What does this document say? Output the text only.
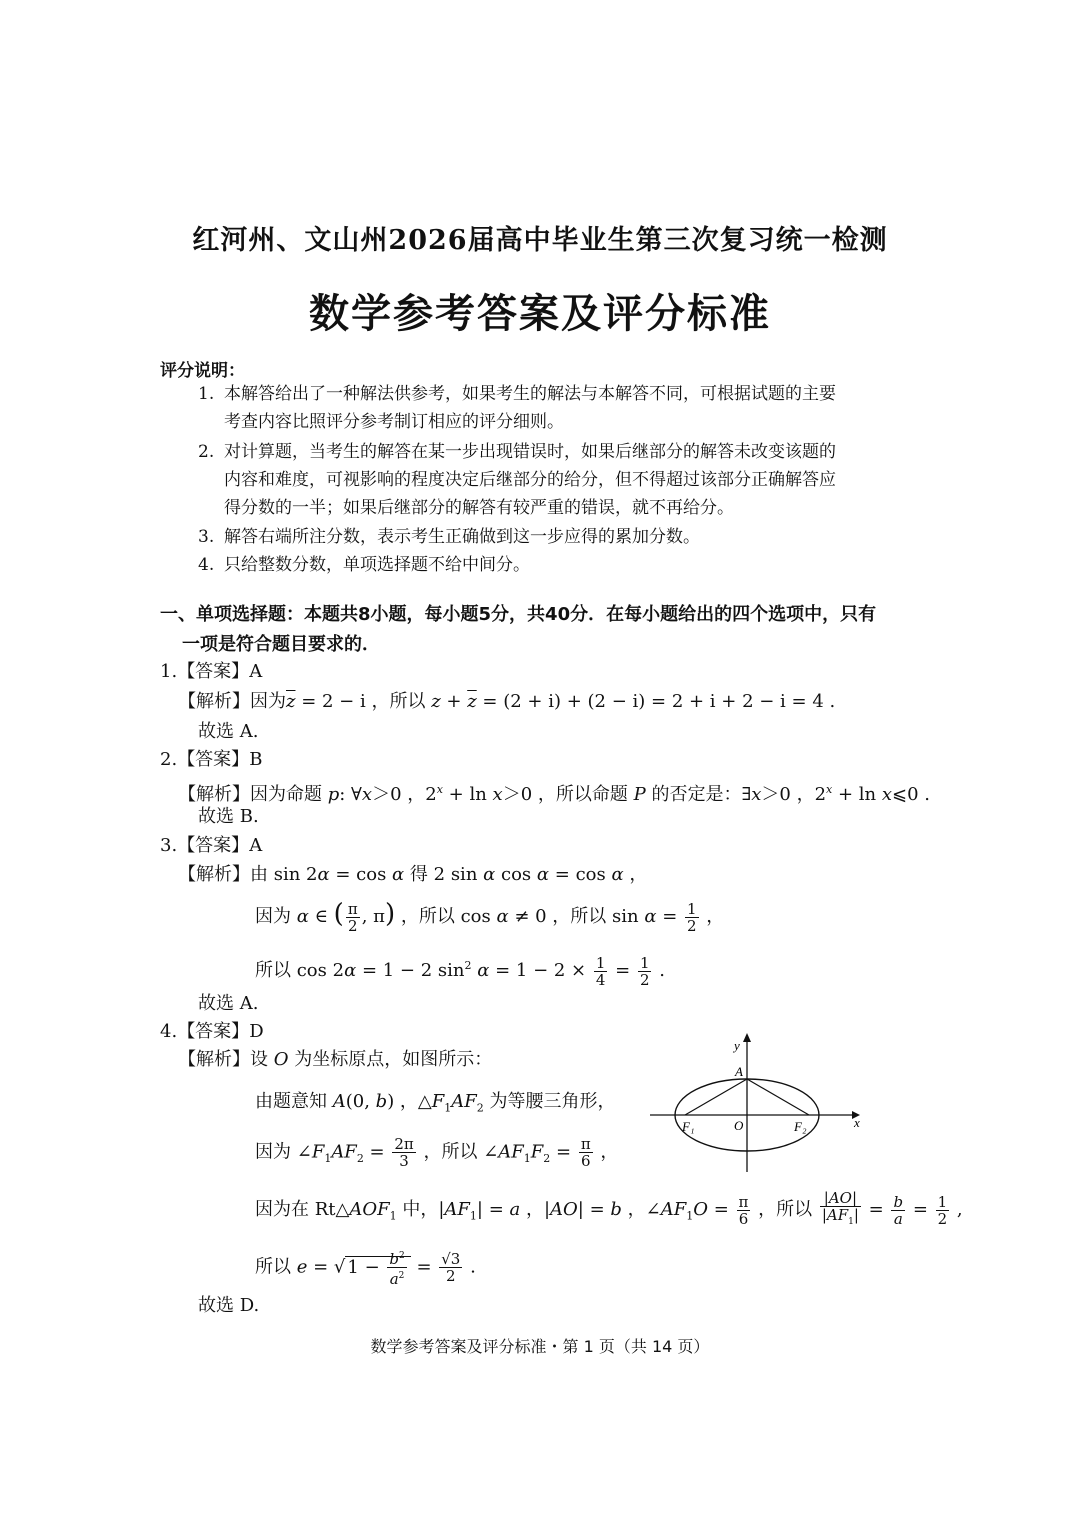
红河州、文山州2026届高中毕业生第三次复习统一检测
数学参考答案及评分标准
评分说明：
1. 本解答给出了一种解法供参考，如果考生的解法与本解答不同，可根据试题的主要
考查内容比照评分参考制订相应的评分细则。
2. 对计算题，当考生的解答在某一步出现错误时，如果后继部分的解答未改变该题的
内容和难度，可视影响的程度决定后继部分的给分，但不得超过该部分正确解答应
得分数的一半；如果后继部分的解答有较严重的错误，就不再给分。
3. 解答右端所注分数，表示考生正确做到这一步应得的累加分数。
4. 只给整数分数，单项选择题不给中间分。
一、单项选择题：本题共8小题，每小题5分，共40分．在每小题给出的四个选项中，只有
一项是符合题目要求的．
1.【答案】A
【解析】因为$\overline{z} = 2 - i$ ，所以 $z + \overline{z} = (2 + i) + (2 - i) = 2 + i + 2 - i = 4$ .
故选 A.
2.【答案】B
【解析】因为命题 p: ∀x＞0 ，$2^x + \ln x>0$ ，所以命题 P 的否定是：∃x＞0 ，$2^x + \ln$ x⩽0 .
故选 B.
3.【答案】A
【解析】由 sin 2α = cos α 得 2 sin α cos α = cos α ，
因为 α ∈ ( $\frac{\pi}{2}$ , π) ，所以 cos α ≠ 0 ，所以 $\sin \alpha = \frac{1}{2}$ ，
所以 cos 2α = 1 − 2 $\sin^2 \alpha = 1 - 2 \times \frac{1}{4} = \frac{1}{2}$ .
故选 A.
4.【答案】D
【解析】设 O 为坐标原点，如图所示：
由题意知 A(0, b) ，$\triangle F_1AF_2$ 为等腰三角形，
因为 $\angle F_1AF_2 = \frac{2\pi}{3}$ ，所以 $\angle AF_1F_2 = \frac{\pi}{6}$ ，
因为在 $Rt\triangle AOF_1$ 中，$|AF_1| = a$ ，|AO| = b ，$\angle AF_1O = \frac{\pi}{6}$ ，所以 $\frac{|AO|}{|AF_1|} = \frac{b}{a} = \frac{1}{2}$ ,
所以 e = √ $1 - \frac{b^2}{a^2} = \frac{√3}{2}$ .
故选 D.
y
x
A
O
F₁	F₂
数学参考答案及评分标准・第 1 页（共 14 页）
